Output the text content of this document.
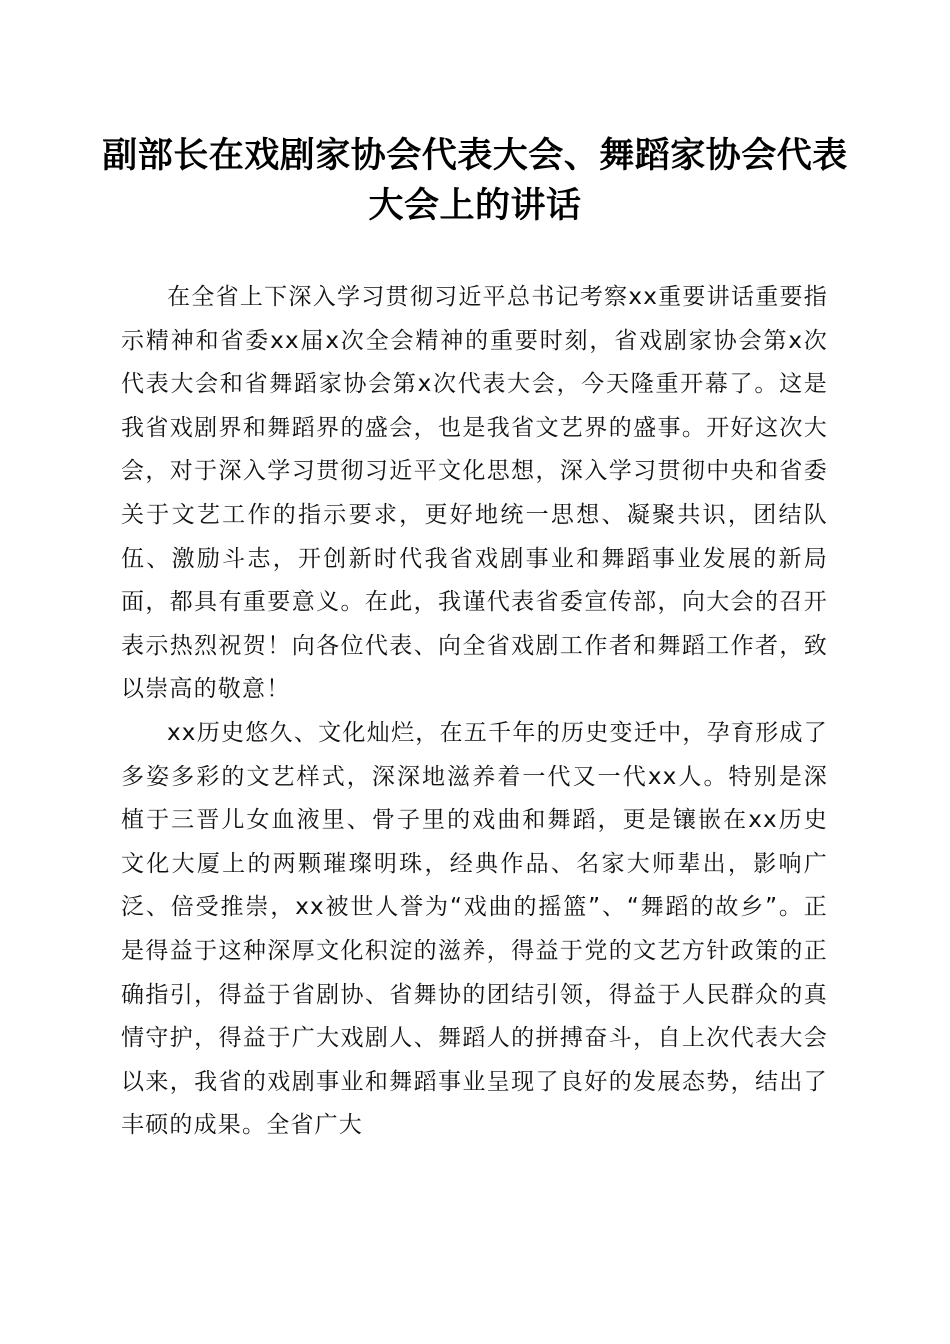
副部长在戏剧家协会代表大会、舞蹈家协会代表大会上的讲话

在全省上下深入学习贯彻习近平总书记考察xx重要讲话重要指示精神和省委xx届x次全会精神的重要时刻，省戏剧家协会第x次代表大会和省舞蹈家协会第x次代表大会，今天隆重开幕了。这是我省戏剧界和舞蹈界的盛会，也是我省文艺界的盛事。开好这次大会，对于深入学习贯彻习近平文化思想，深入学习贯彻中央和省委关于文艺工作的指示要求，更好地统一思想、凝聚共识，团结队伍、激励斗志，开创新时代我省戏剧事业和舞蹈事业发展的新局面，都具有重要意义。在此，我谨代表省委宣传部，向大会的召开表示热烈祝贺！向各位代表、向全省戏剧工作者和舞蹈工作者，致以崇高的敬意！

xx历史悠久、文化灿烂，在五千年的历史变迁中，孕育形成了多姿多彩的文艺样式，深深地滋养着一代又一代xx人。特别是深植于三晋儿女血液里、骨子里的戏曲和舞蹈，更是镶嵌在xx历史文化大厦上的两颗璀璨明珠，经典作品、名家大师辈出，影响广泛、倍受推崇，xx被世人誉为“戏曲的摇篮”、“舞蹈的故乡”。正是得益于这种深厚文化积淀的滋养，得益于党的文艺方针政策的正确指引，得益于省剧协、省舞协的团结引领，得益于人民群众的真情守护，得益于广大戏剧人、舞蹈人的拼搏奋斗，自上次代表大会以来，我省的戏剧事业和舞蹈事业呈现了良好的发展态势，结出了丰硕的成果。全省广大
